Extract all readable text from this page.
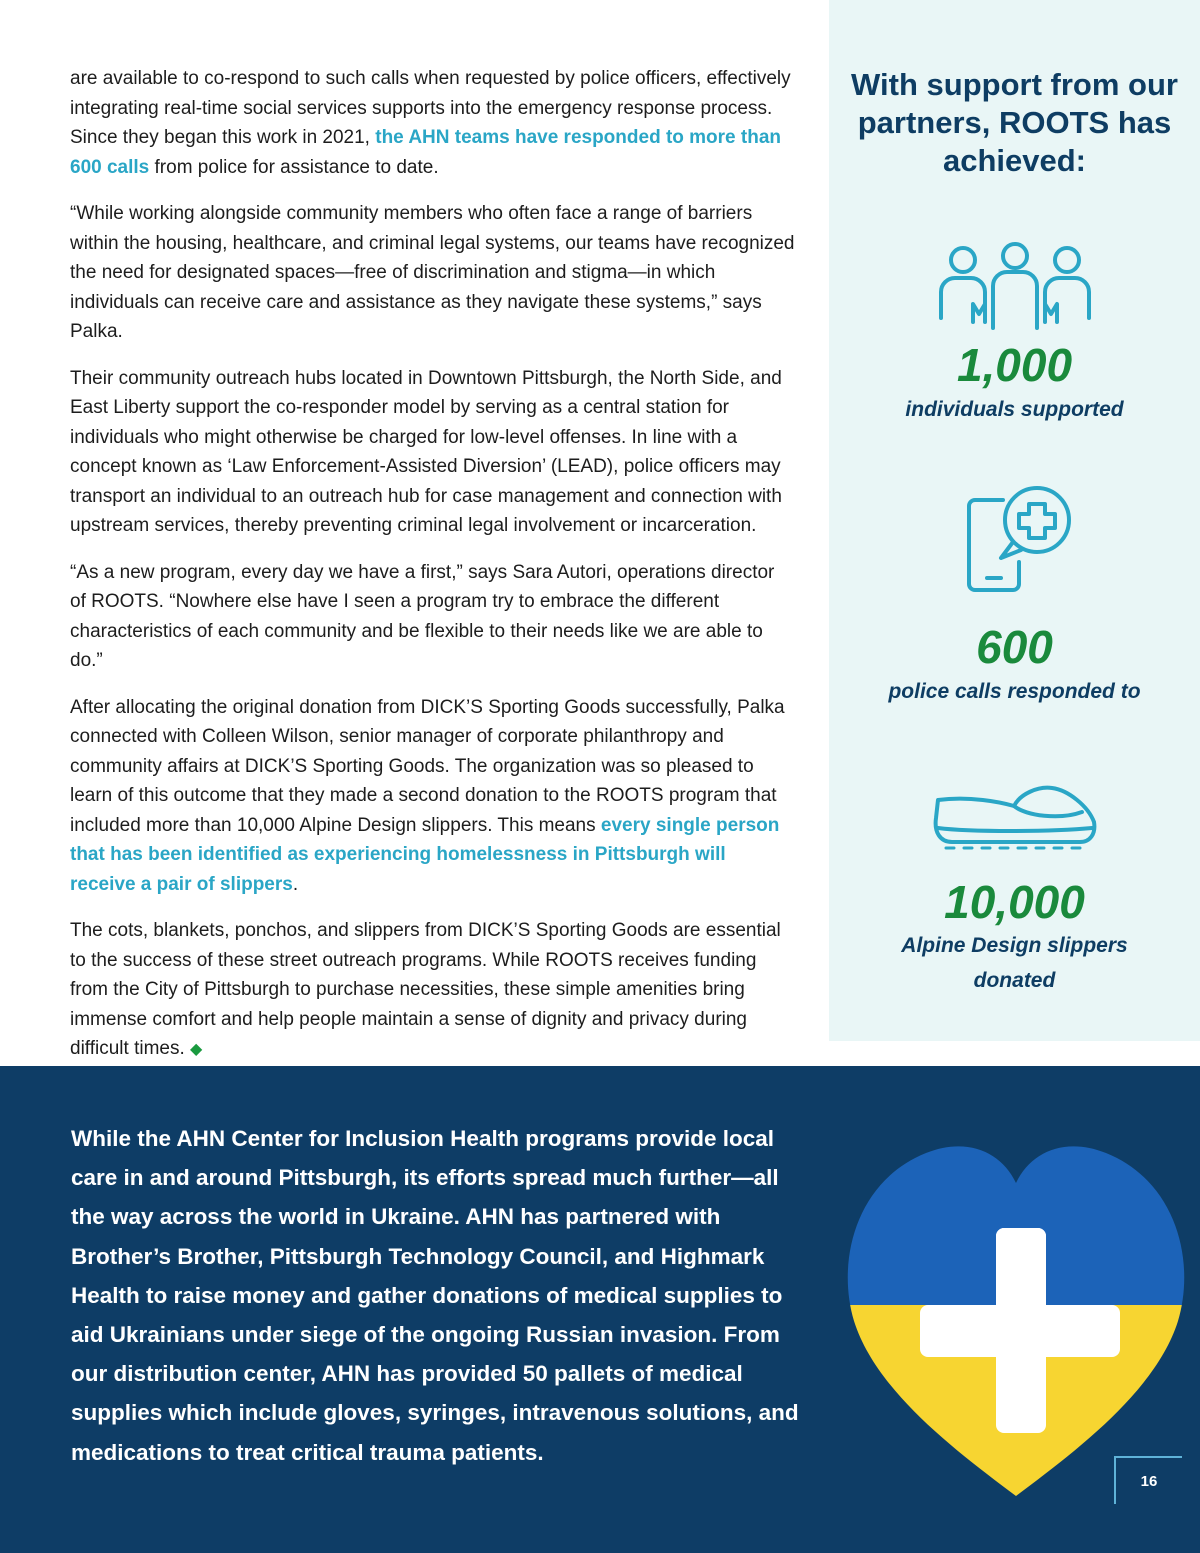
are available to co-respond to such calls when requested by police officers, effectively integrating real-time social services supports into the emergency response process. Since they began this work in 2021, the AHN teams have responded to more than 600 calls from police for assistance to date.

“While working alongside community members who often face a range of barriers within the housing, healthcare, and criminal legal systems, our teams have recognized the need for designated spaces—free of discrimination and stigma—in which individuals can receive care and assistance as they navigate these systems,” says Palka.

Their community outreach hubs located in Downtown Pittsburgh, the North Side, and East Liberty support the co-responder model by serving as a central station for individuals who might otherwise be charged for low-level offenses. In line with a concept known as ‘Law Enforcement-Assisted Diversion’ (LEAD), police officers may transport an individual to an outreach hub for case management and connection with upstream services, thereby preventing criminal legal involvement or incarceration.

“As a new program, every day we have a first,” says Sara Autori, operations director of ROOTS. “Nowhere else have I seen a program try to embrace the different characteristics of each community and be flexible to their needs like we are able to do.”

After allocating the original donation from DICK’S Sporting Goods successfully, Palka connected with Colleen Wilson, senior manager of corporate philanthropy and community affairs at DICK’S Sporting Goods. The organization was so pleased to learn of this outcome that they made a second donation to the ROOTS program that included more than 10,000 Alpine Design slippers. This means every single person that has been identified as experiencing homelessness in Pittsburgh will receive a pair of slippers.

The cots, blankets, ponchos, and slippers from DICK’S Sporting Goods are essential to the success of these street outreach programs. While ROOTS receives funding from the City of Pittsburgh to purchase necessities, these simple amenities bring immense comfort and help people maintain a sense of dignity and privacy during difficult times. ◆

With support from our partners, ROOTS has achieved:
1,000
individuals supported
600
police calls responded to
10,000
Alpine Design slippers
donated
While the AHN Center for Inclusion Health programs provide local care in and around Pittsburgh, its efforts spread much further—all the way across the world in Ukraine. AHN has partnered with Brother’s Brother, Pittsburgh Technology Council, and Highmark Health to raise money and gather donations of medical supplies to aid Ukrainians under siege of the ongoing Russian invasion. From our distribution center, AHN has provided 50 pallets of medical supplies which include gloves, syringes, intravenous solutions, and medications to treat critical trauma patients.
16
